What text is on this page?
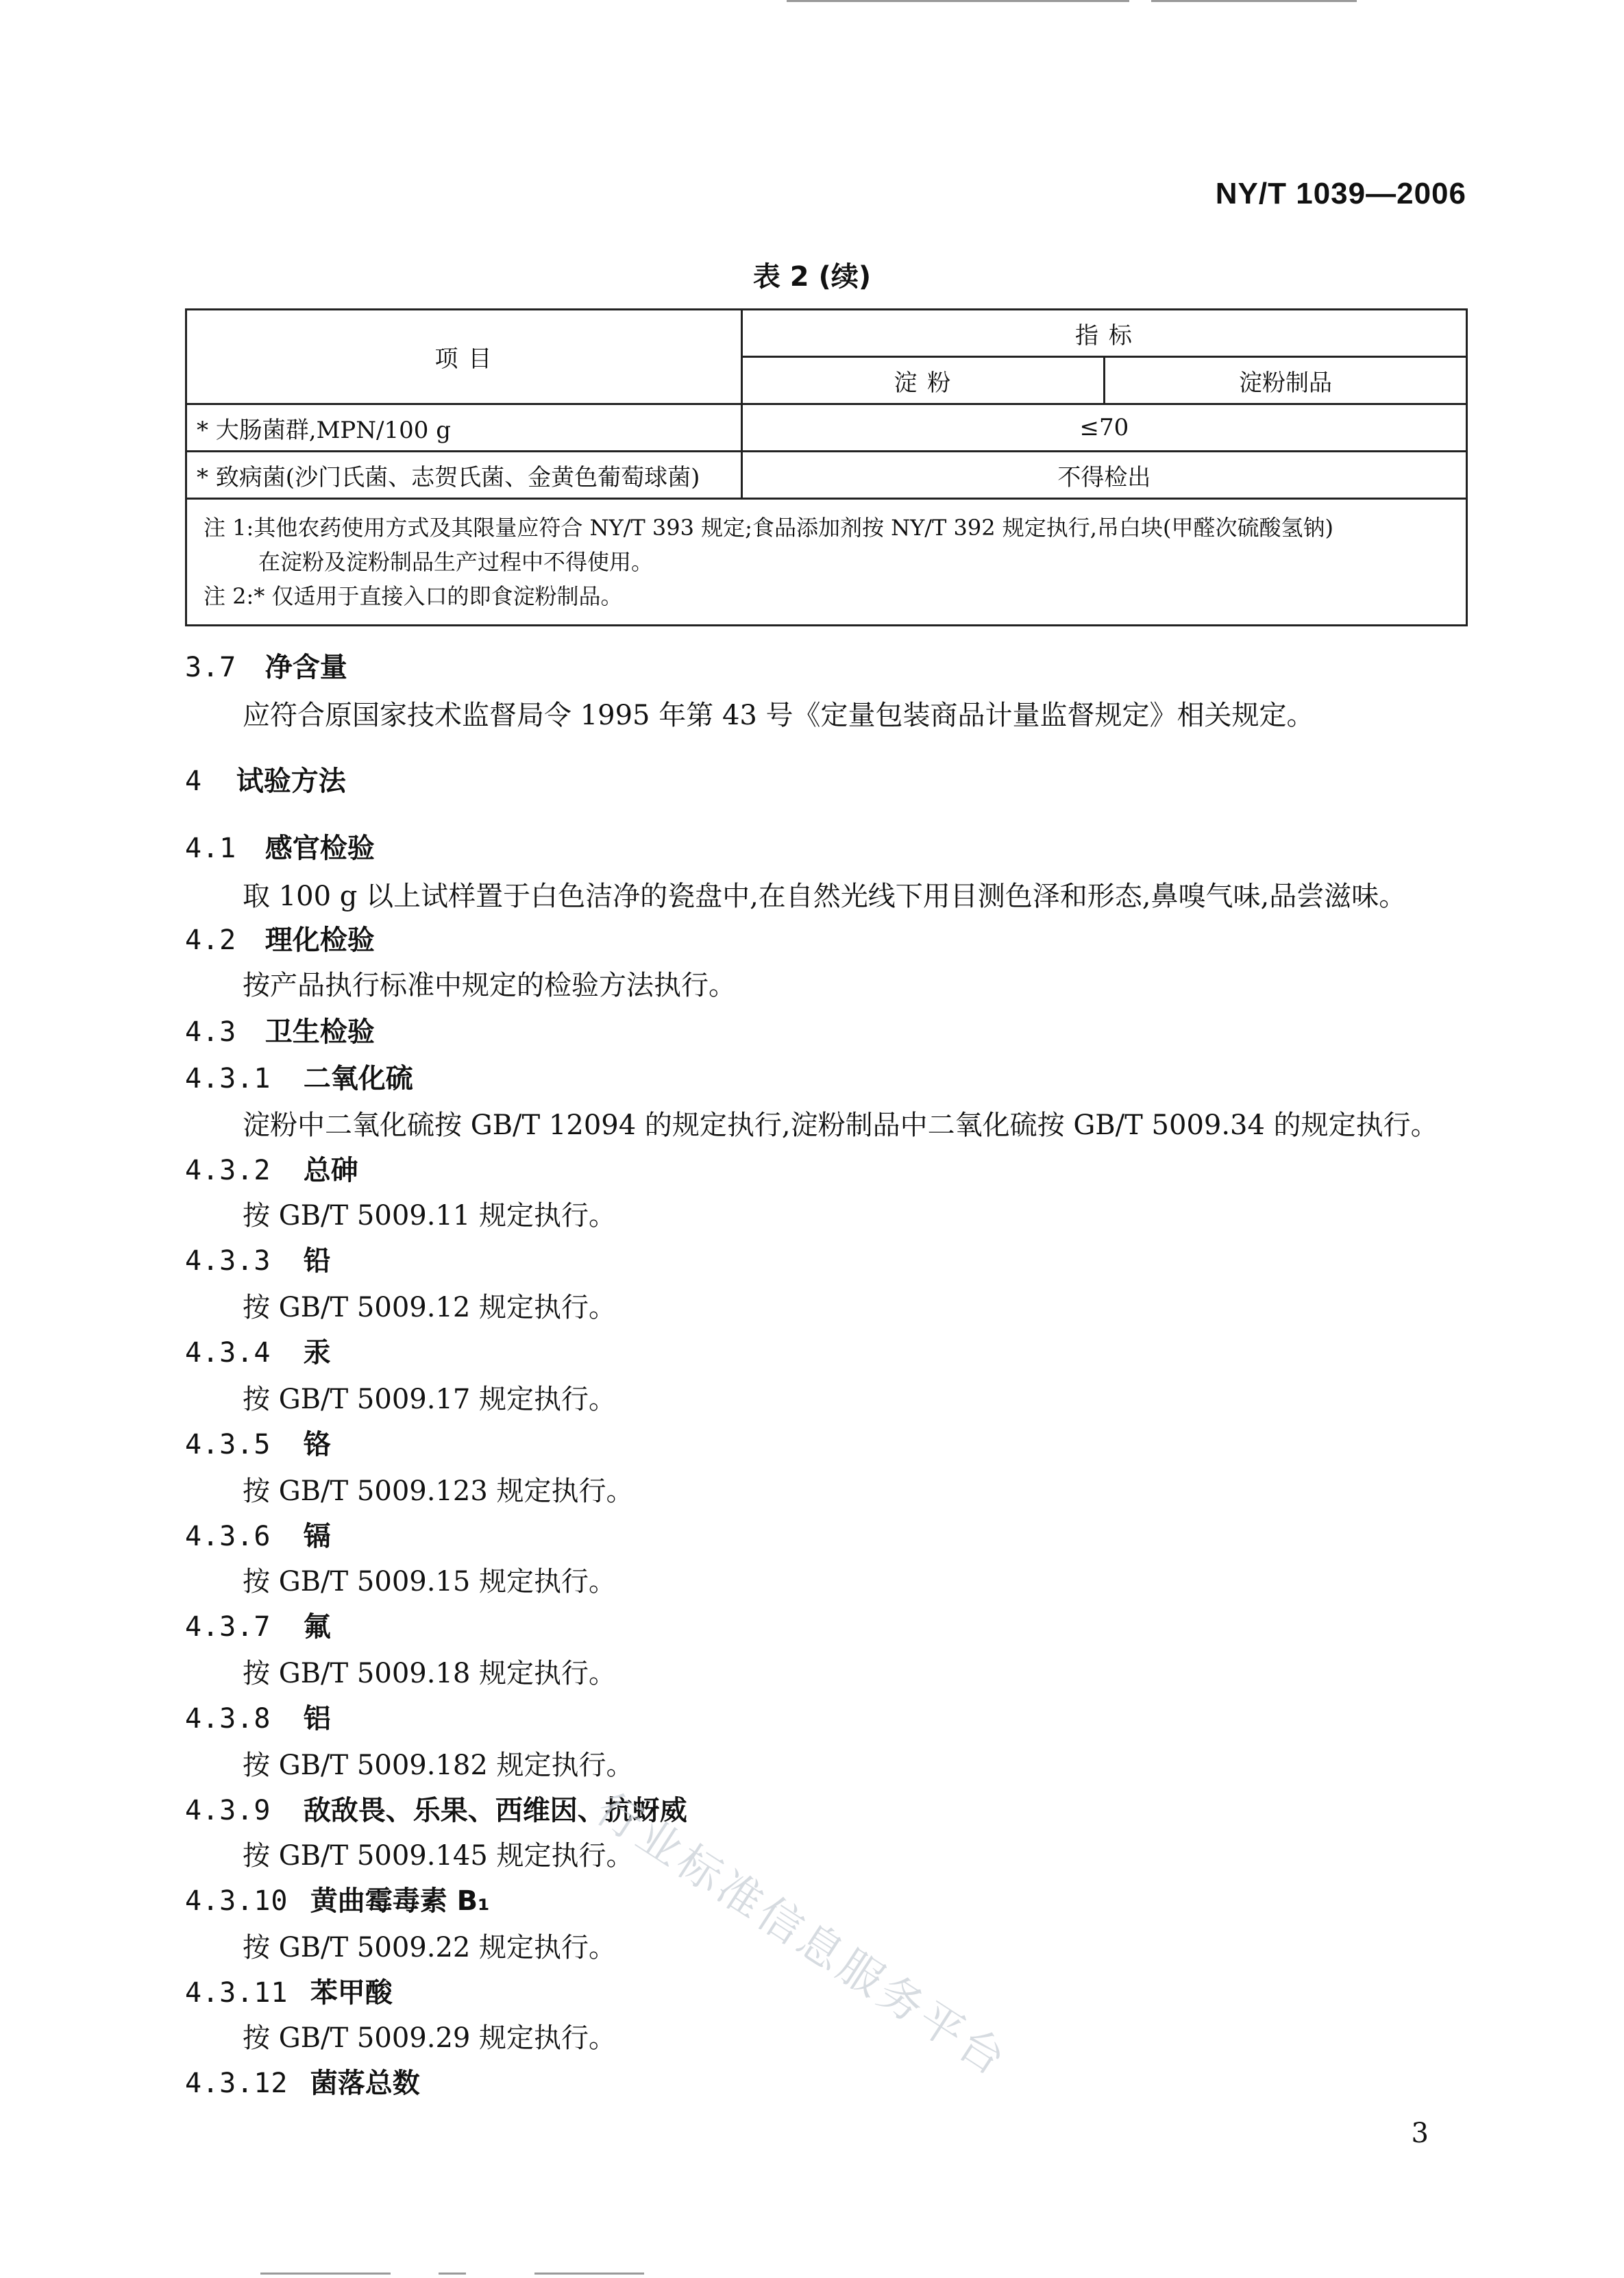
NY/T 1039—2006
表 2 (续)
项 目	指 标	
	淀 粉	淀粉制品
* 大肠菌群,MPN/100 g	≤70	
* 致病菌(沙门氏菌、志贺氏菌、金黄色葡萄球菌)	不得检出	

注 1:其他农药使用方式及其限量应符合 NY/T 393 规定;食品添加剂按 NY/T 392 规定执行,吊白块(甲醛次硫酸氢钠)
在淀粉及淀粉制品生产过程中不得使用。
注 2:* 仅适用于直接入口的即食淀粉制品。		
3.7 净含量
应符合原国家技术监督局令 1995 年第 43 号《定量包装商品计量监督规定》相关规定。
4 试验方法
4.1 感官检验
取 100 g 以上试样置于白色洁净的瓷盘中,在自然光线下用目测色泽和形态,鼻嗅气味,品尝滋味。
4.2 理化检验
按产品执行标准中规定的检验方法执行。
4.3 卫生检验
4.3.1 二氧化硫
淀粉中二氧化硫按 GB/T 12094 的规定执行,淀粉制品中二氧化硫按 GB/T 5009.34 的规定执行。
4.3.2 总砷
按 GB/T 5009.11 规定执行。
4.3.3 铅
按 GB/T 5009.12 规定执行。
4.3.4 汞
按 GB/T 5009.17 规定执行。
4.3.5 铬
按 GB/T 5009.123 规定执行。
4.3.6 镉
按 GB/T 5009.15 规定执行。
4.3.7 氟
按 GB/T 5009.18 规定执行。
4.3.8 铝
按 GB/T 5009.182 规定执行。
4.3.9 敌敌畏、乐果、西维因、抗蚜威
按 GB/T 5009.145 规定执行。
4.3.10 黄曲霉毒素 B₁
按 GB/T 5009.22 规定执行。
4.3.11 苯甲酸
按 GB/T 5009.29 规定执行。
4.3.12 菌落总数	行业标准信息服务平台
3
